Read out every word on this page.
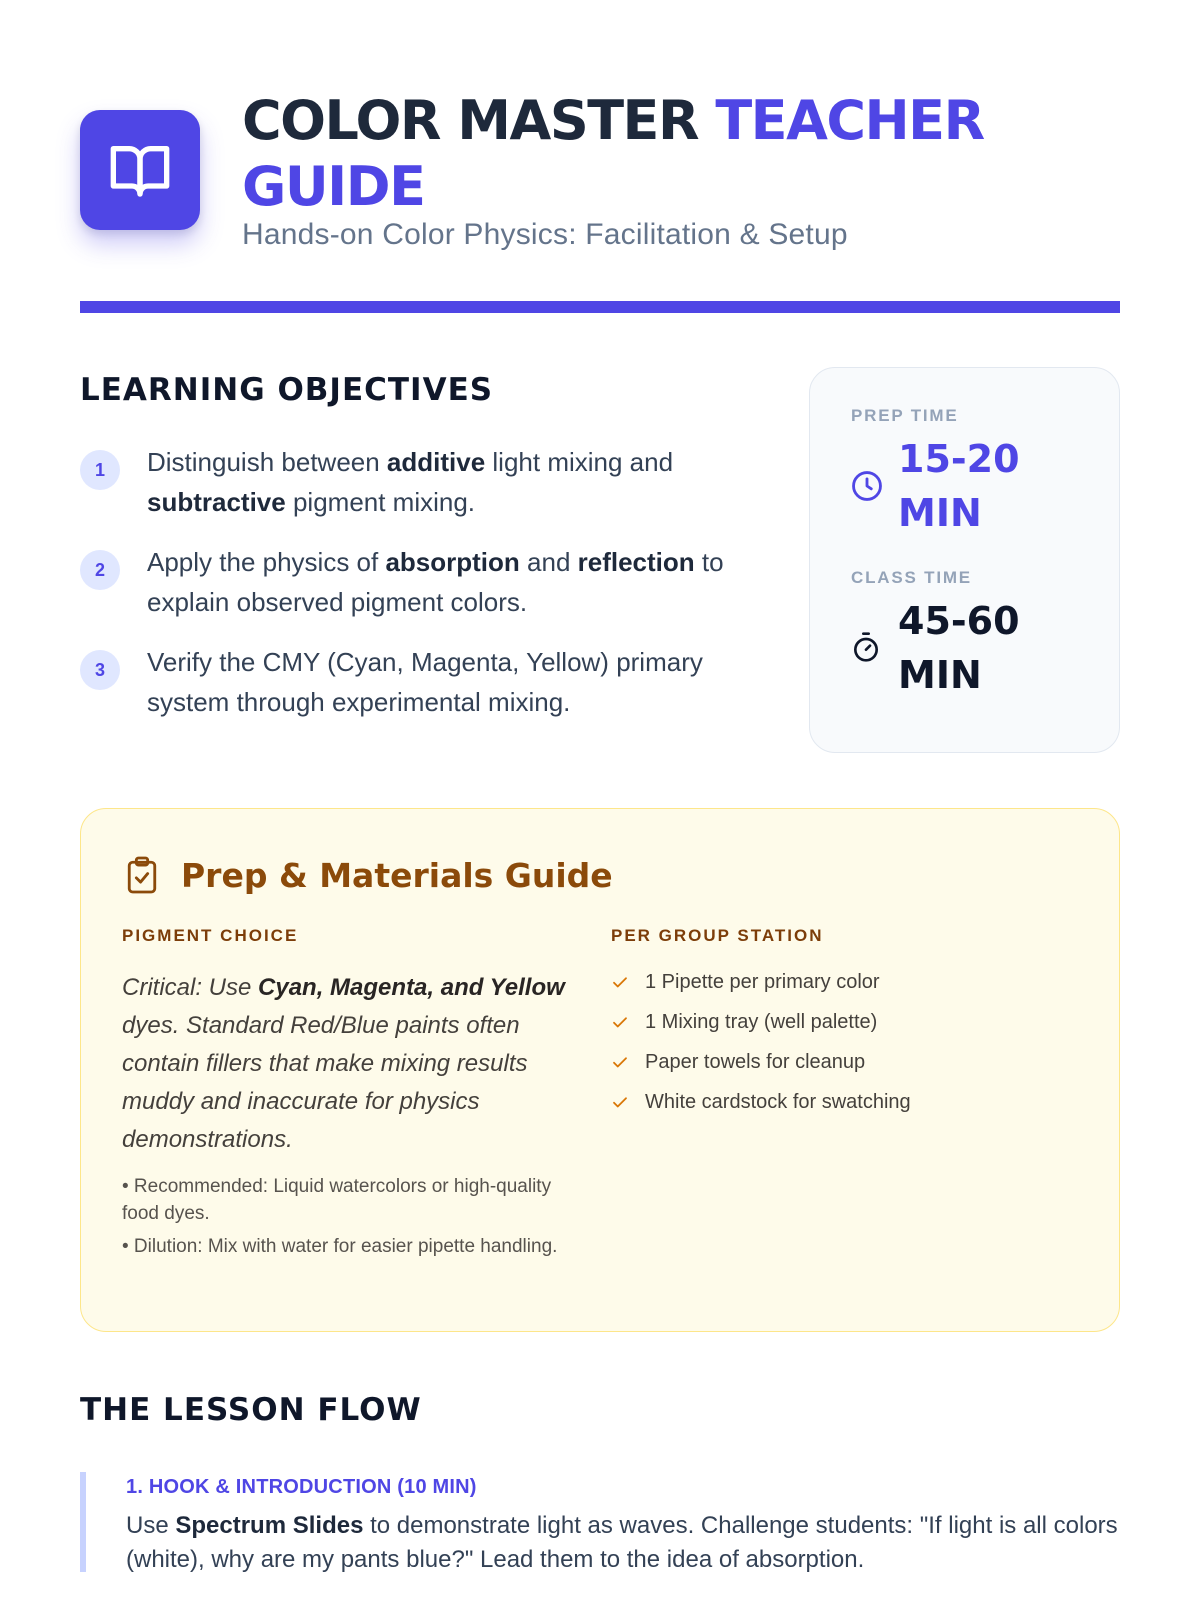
COLOR MASTER TEACHER GUIDE
Hands-on Color Physics: Facilitation & Setup
LEARNING OBJECTIVES
1	Distinguish between additive light mixing and subtractive pigment mixing.
2	Apply the physics of absorption and reflection to explain observed pigment colors.
3	Verify the CMY (Cyan, Magenta, Yellow) primary system through experimental mixing.
PREP TIME
15-20 MIN
CLASS TIME
45-60 MIN
Prep & Materials Guide
PIGMENT CHOICE
Critical: Use Cyan, Magenta, and Yellow dyes. Standard Red/Blue paints often contain fillers that make mixing results muddy and inaccurate for physics demonstrations.
• Recommended: Liquid watercolors or high-quality food dyes.
• Dilution: Mix with water for easier pipette handling.
PER GROUP STATION
1 Pipette per primary color
1 Mixing tray (well palette)
Paper towels for cleanup
White cardstock for swatching
THE LESSON FLOW
1. HOOK & INTRODUCTION (10 MIN)
Use Spectrum Slides to demonstrate light as waves. Challenge students: "If light is all colors (white), why are my pants blue?" Lead them to the idea of absorption.
